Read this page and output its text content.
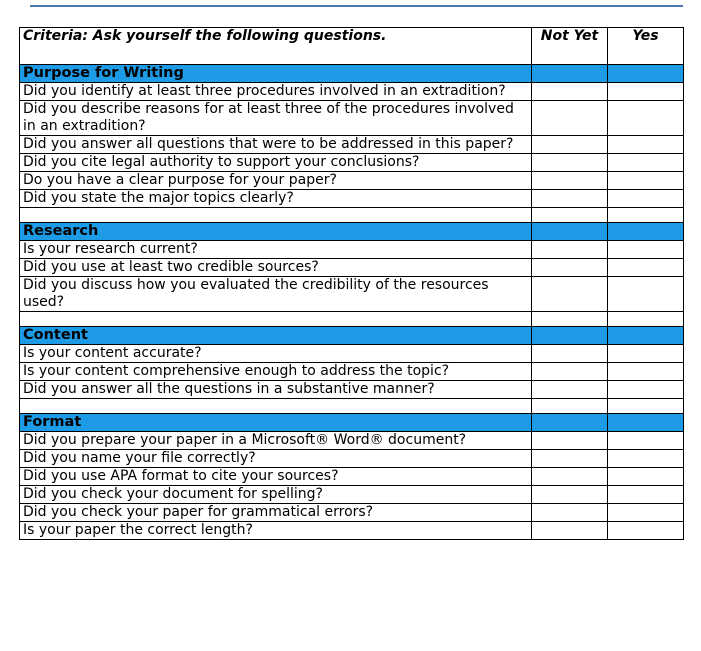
Criteria: Ask yourself the following questions.	Not Yet	Yes
Purpose for Writing		
Did you identify at least three procedures involved in an extradition?		
Did you describe reasons for at least three of the procedures involved in an extradition?		
Did you answer all questions that were to be addressed in this paper?		
Did you cite legal authority to support your conclusions?		
Do you have a clear purpose for your paper?		
Did you state the major topics clearly?		

Research		
Is your research current?		
Did you use at least two credible sources?		
Did you discuss how you evaluated the credibility of the resources used?		

Content		
Is your content accurate?		
Is your content comprehensive enough to address the topic?		
Did you answer all the questions in a substantive manner?		

Format		
Did you prepare your paper in a Microsoft® Word® document?		
Did you name your file correctly?		
Did you use APA format to cite your sources?		
Did you check your document for spelling?		
Did you check your paper for grammatical errors?		
Is your paper the correct length?		
